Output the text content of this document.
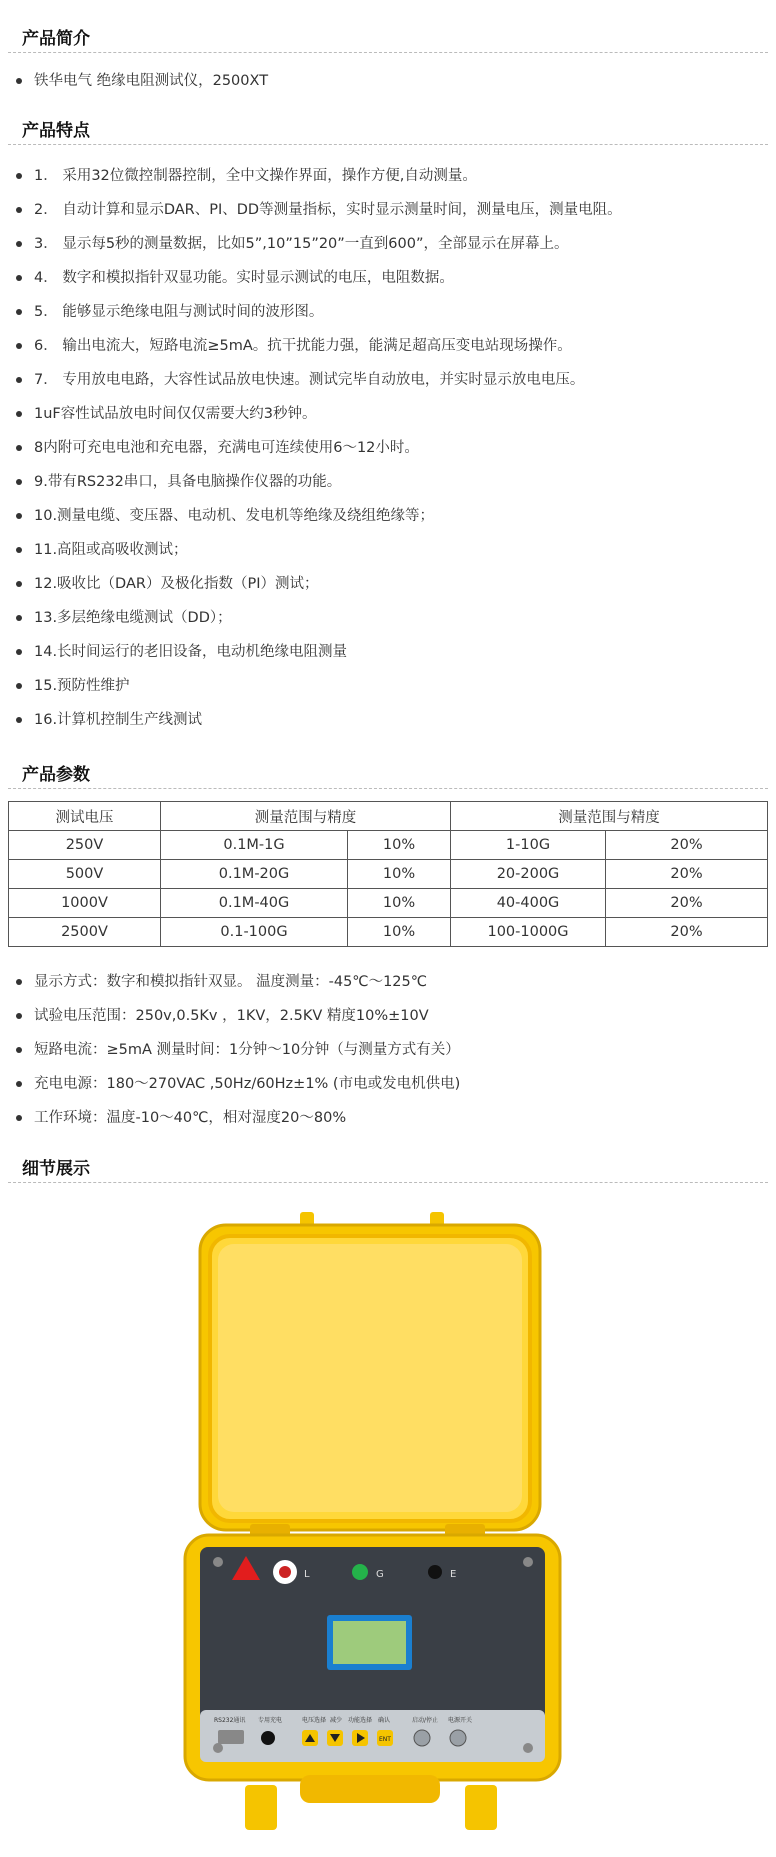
产品简介
铁华电气 绝缘电阻测试仪，2500XT
产品特点
1． 采用32位微控制器控制，全中文操作界面，操作方便,自动测量。
2． 自动计算和显示DAR、PI、DD等测量指标，实时显示测量时间，测量电压，测量电阻。
3． 显示每5秒的测量数据，比如5”,10”15”20”一直到600”，全部显示在屏幕上。
4． 数字和模拟指针双显功能。实时显示测试的电压，电阻数据。
5． 能够显示绝缘电阻与测试时间的波形图。
6． 输出电流大，短路电流≥5mA。抗干扰能力强，能满足超高压变电站现场操作。
7． 专用放电电路，大容性试品放电快速。测试完毕自动放电，并实时显示放电电压。
1uF容性试品放电时间仅仅需要大约3秒钟。
8内附可充电电池和充电器，充满电可连续使用6～12小时。
9.带有RS232串口，具备电脑操作仪器的功能。
10.测量电缆、变压器、电动机、发电机等绝缘及绕组绝缘等；
11.高阻或高吸收测试；
12.吸收比（DAR）及极化指数（PI）测试；
13.多层绝缘电缆测试（DD）；
14.长时间运行的老旧设备，电动机绝缘电阻测量
15.预防性维护
16.计算机控制生产线测试
产品参数
测试电压	测量范围与精度		测量范围与精度	
250V	0.1M-1G	10%	1-10G	20%
500V	0.1M-20G	10%	20-200G	20%
1000V	0.1M-40G	10%	40-400G	20%
2500V	0.1-100G	10%	100-1000G	20%
显示方式：数字和模拟指针双显。 温度测量：-45℃～125℃
试验电压范围：250v,0.5Kv ，1KV，2.5KV 精度10%±10V
短路电流：≥5mA 测量时间：1分钟～10分钟（与测量方式有关）
充电电源：180～270VAC ,50Hz/60Hz±1% (市电或发电机供电)
工作环境：温度-10～40℃，相对湿度20～80%
细节展示
L	G	E
RS232通讯 专用充电	电压选择 减少 功能选择 确认
ENT
启动/停止 电源开关
